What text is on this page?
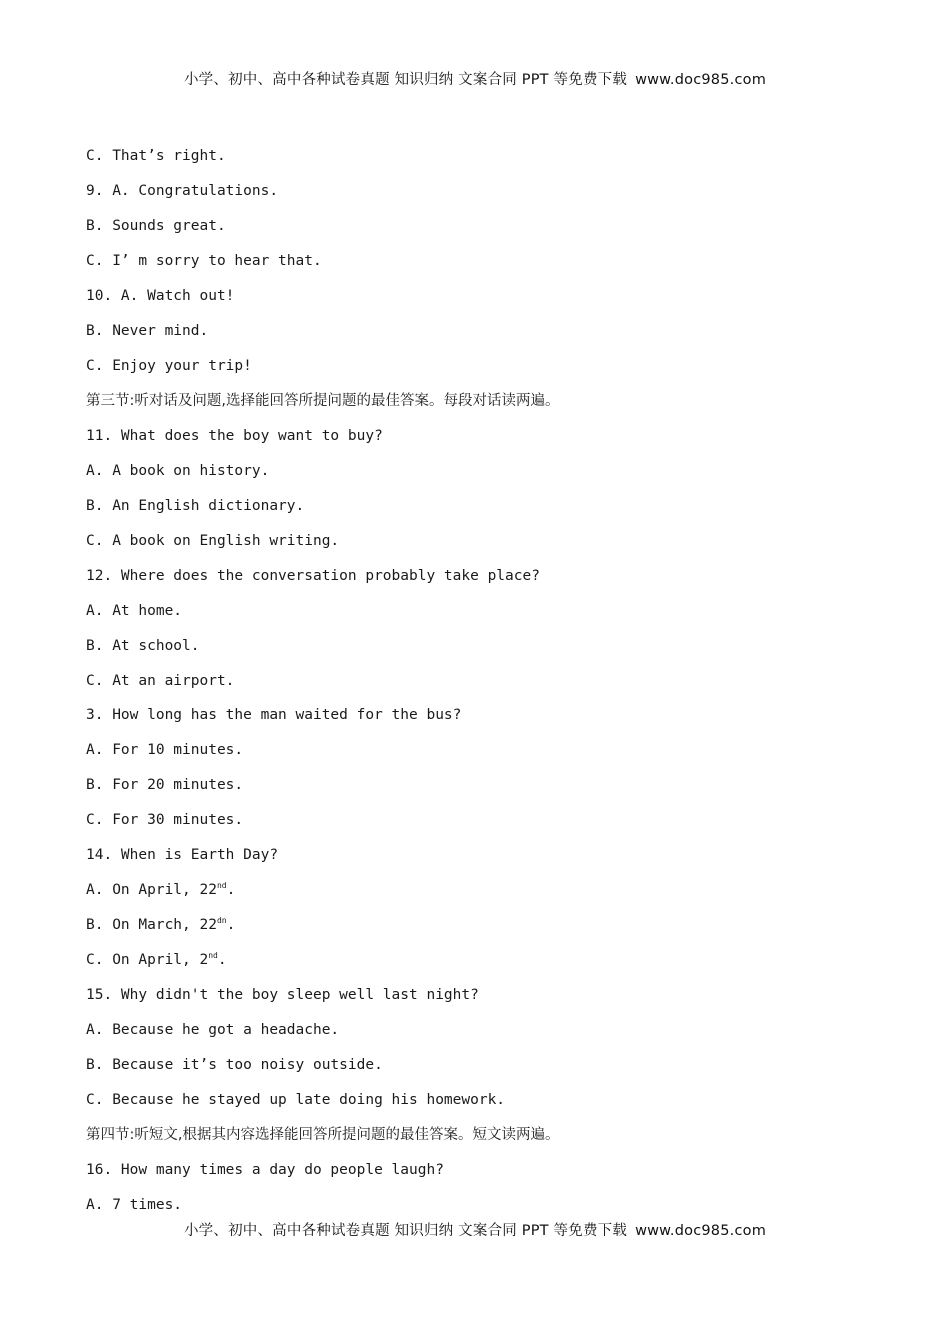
小学、初中、高中各种试卷真题 知识归纳 文案合同 PPT 等免费下载 www.doc985.com
C. That’s right.
9. A. Congratulations.
B. Sounds great.
C. I’ m sorry to hear that.
10. A. Watch out!
B. Never mind.
C. Enjoy your trip!
第三节:听对话及问题,选择能回答所提问题的最佳答案。每段对话读两遍。
11. What does the boy want to buy?
A. A book on history.
B. An English dictionary.
C. A book on English writing.
12. Where does the conversation probably take place?
A. At home.
B. At school.
C. At an airport.
3. How long has the man waited for the bus?
A. For 10 minutes.
B. For 20 minutes.
C. For 30 minutes.
14. When is Earth Day?
A. On April, 22nd.
B. On March, $22^{dn}$.
C. On April, 2nd.
15. Why didn't the boy sleep well last night?
A. Because he got a headache.
B. Because it’s too noisy outside.
C. Because he stayed up late doing his homework.
第四节:听短文,根据其内容选择能回答所提问题的最佳答案。短文读两遍。
16. How many times a day do people laugh?
A. 7 times.
小学、初中、高中各种试卷真题 知识归纳 文案合同 PPT 等免费下载 www.doc985.com
